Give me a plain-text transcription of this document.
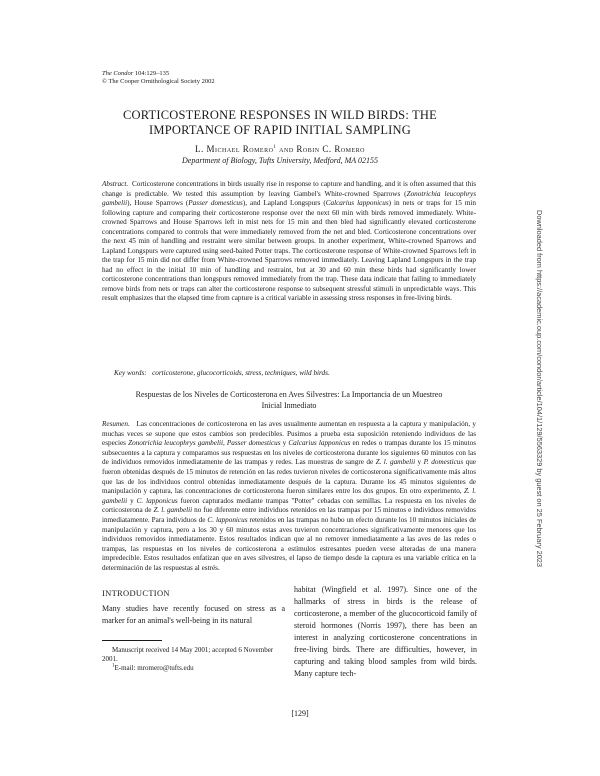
The Condor 104:129–135
© The Cooper Ornithological Society 2002
CORTICOSTERONE RESPONSES IN WILD BIRDS: THE
IMPORTANCE OF RAPID INITIAL SAMPLING
L. Michael Romero$^1$ and Robin C. Romero
Department of Biology, Tufts University, Medford, MA 02155

Abstract. Corticosterone concentrations in birds usually rise in response to capture and handling, and it is often assumed that this change is predictable. We tested this assumption by leaving Gambel's White-crowned Sparrows (Zonotrichia leucophrys gambelii), House Sparrows (Passer domesticus), and Lapland Longspurs (Calcarius lapponicus) in nets or traps for 15 min following capture and comparing their corticosterone response over the next 60 min with birds removed immediately. White-crowned Sparrows and House Sparrows left in mist nets for 15 min and then bled had significantly elevated corticosterone concentrations compared to controls that were immediately removed from the net and bled. Corticosterone concentrations over the next 45 min of handling and restraint were similar between groups. In another experiment, White-crowned Sparrows and Lapland Longspurs were captured using seed-baited Potter traps. The corticosterone response of White-crowned Sparrows left in the trap for 15 min did not differ from White-crowned Sparrows removed immediately. Leaving Lapland Longspurs in the trap had no effect in the initial 10 min of handling and restraint, but at 30 and 60 min these birds had significantly lower corticosterone concentrations than longspurs removed immediately from the trap. These data indicate that failing to immediately remove birds from nets or traps can alter the corticosterone response to subsequent stressful stimuli in unpredictable ways. This result emphasizes that the elapsed time from capture is a critical variable in assessing stress responses in free-living birds.

Key words: corticosterone, glucocorticoids, stress, techniques, wild birds.
Respuestas de los Niveles de Corticosterona en Aves Silvestres: La Importancia de un Muestreo
Inicial Inmediato

Resumen. Las concentraciones de corticosterona en las aves usualmente aumentan en respuesta a la captura y manipulación, y muchas veces se supone que estos cambios son predecibles. Pusimos a prueba esta suposición reteniendo individuos de las especies Zonotrichia leucophrys gambelii, Passer domesticus y Calcarius lapponicus en redes o trampas durante los 15 minutos subsecuentes a la captura y comparamos sus respuestas en los niveles de corticosterona durante los siguientes 60 minutos con las de individuos removidos inmediatamente de las trampas y redes. Las muestras de sangre de Z. l. gambelii y P. domesticus que fueron obtenidas después de 15 minutos de retención en las redes tuvieron niveles de corticosterona significativamente más altos que las de los individuos control obtenidas inmediatamente después de la captura. Durante los 45 minutos siguientes de manipulación y captura, las concentraciones de corticosterona fueron similares entre los dos grupos. En otro experimento, Z. l. gambelii y C. lapponicus fueron capturados mediante trampas "Potter" cebadas con semillas. La respuesta en los niveles de corticosterona de Z. l. gambelii no fue diferente entre individuos retenidos en las trampas por 15 minutos e individuos removidos inmediatamente. Para individuos de C. lapponicus retenidos en las trampas no hubo un efecto durante los 10 minutos iniciales de manipulación y captura, pero a los 30 y 60 minutos estas aves tuvieron concentraciones significativamente menores que los individuos removidos inmediatamente. Estos resultados indican que al no remover inmediatamente a las aves de las redes o trampas, las respuestas en los niveles de corticosterona a estímulos estresantes pueden verse alteradas de una manera impredecible. Estos resultados enfatizan que en aves silvestres, el lapso de tiempo desde la captura es una variable crítica en la determinación de las respuestas al estrés.

INTRODUCTION

Many studies have recently focused on stress as a marker for an animal's well-being in its natural

habitat (Wingfield et al. 1997). Since one of the hallmarks of stress in birds is the release of corticosterone, a member of the glucocorticoid family of steroid hormones (Norris 1997), there has been an interest in analyzing corticosterone concentrations in free-living birds. There are difficulties, however, in capturing and taking blood samples from wild birds. Many capture tech-

Manuscript received 14 May 2001; accepted 6 November 2001.

$^1$E-mail: mromero@tufts.edu

[129]
Downloaded from https://academic.oup.com/condor/article/104/1/129/5563329 by guest on 25 February 2023
